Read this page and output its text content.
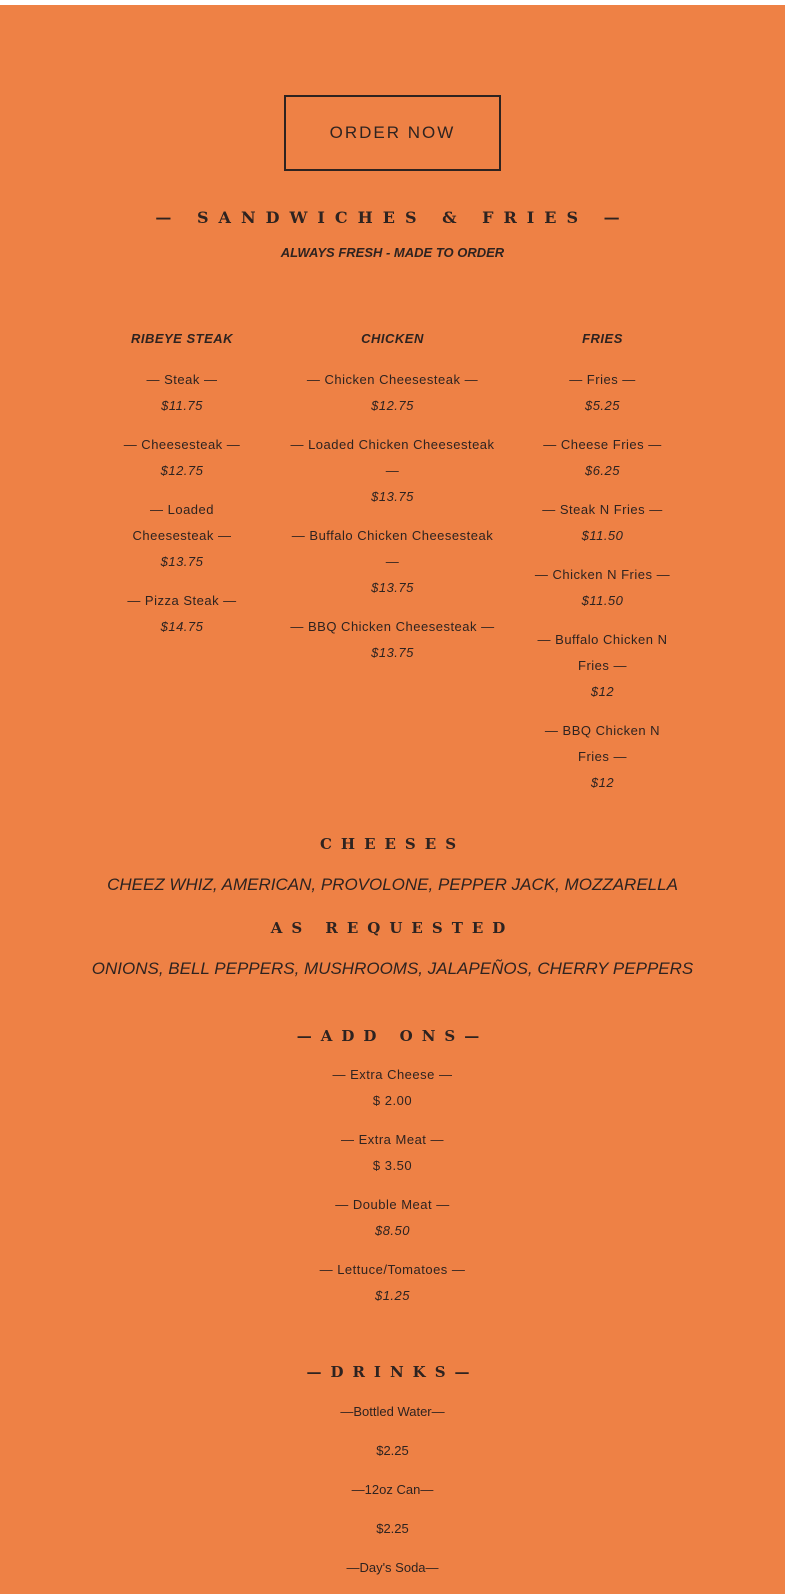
ORDER NOW
— SANDWICHES & FRIES —
ALWAYS FRESH - MADE TO ORDER
RIBEYE STEAK
— Steak —
$11.75
— Cheesesteak —
$12.75
— Loaded Cheesesteak —
$13.75
— Pizza Steak —
$14.75
CHICKEN
— Chicken Cheesesteak —
$12.75
— Loaded Chicken Cheesesteak —
$13.75
— Buffalo Chicken Cheesesteak —
$13.75
— BBQ Chicken Cheesesteak —
$13.75
FRIES
— Fries —
$5.25
— Cheese Fries —
$6.25
— Steak N Fries —
$11.50
— Chicken N Fries —
$11.50
— Buffalo Chicken N Fries —
$12
— BBQ Chicken N Fries —
$12
CHEESES
CHEEZ WHIZ, AMERICAN, PROVOLONE, PEPPER JACK, MOZZARELLA
AS REQUESTED
ONIONS, BELL PEPPERS, MUSHROOMS, JALAPEÑOS, CHERRY PEPPERS
—ADD ONS—
— Extra Cheese —
$ 2.00
— Extra Meat —
$ 3.50
— Double Meat —
$8.50
— Lettuce/Tomatoes —
$1.25
—DRINKS—
—Bottled Water—
$2.25
—12oz Can—
$2.25
—Day's Soda—
